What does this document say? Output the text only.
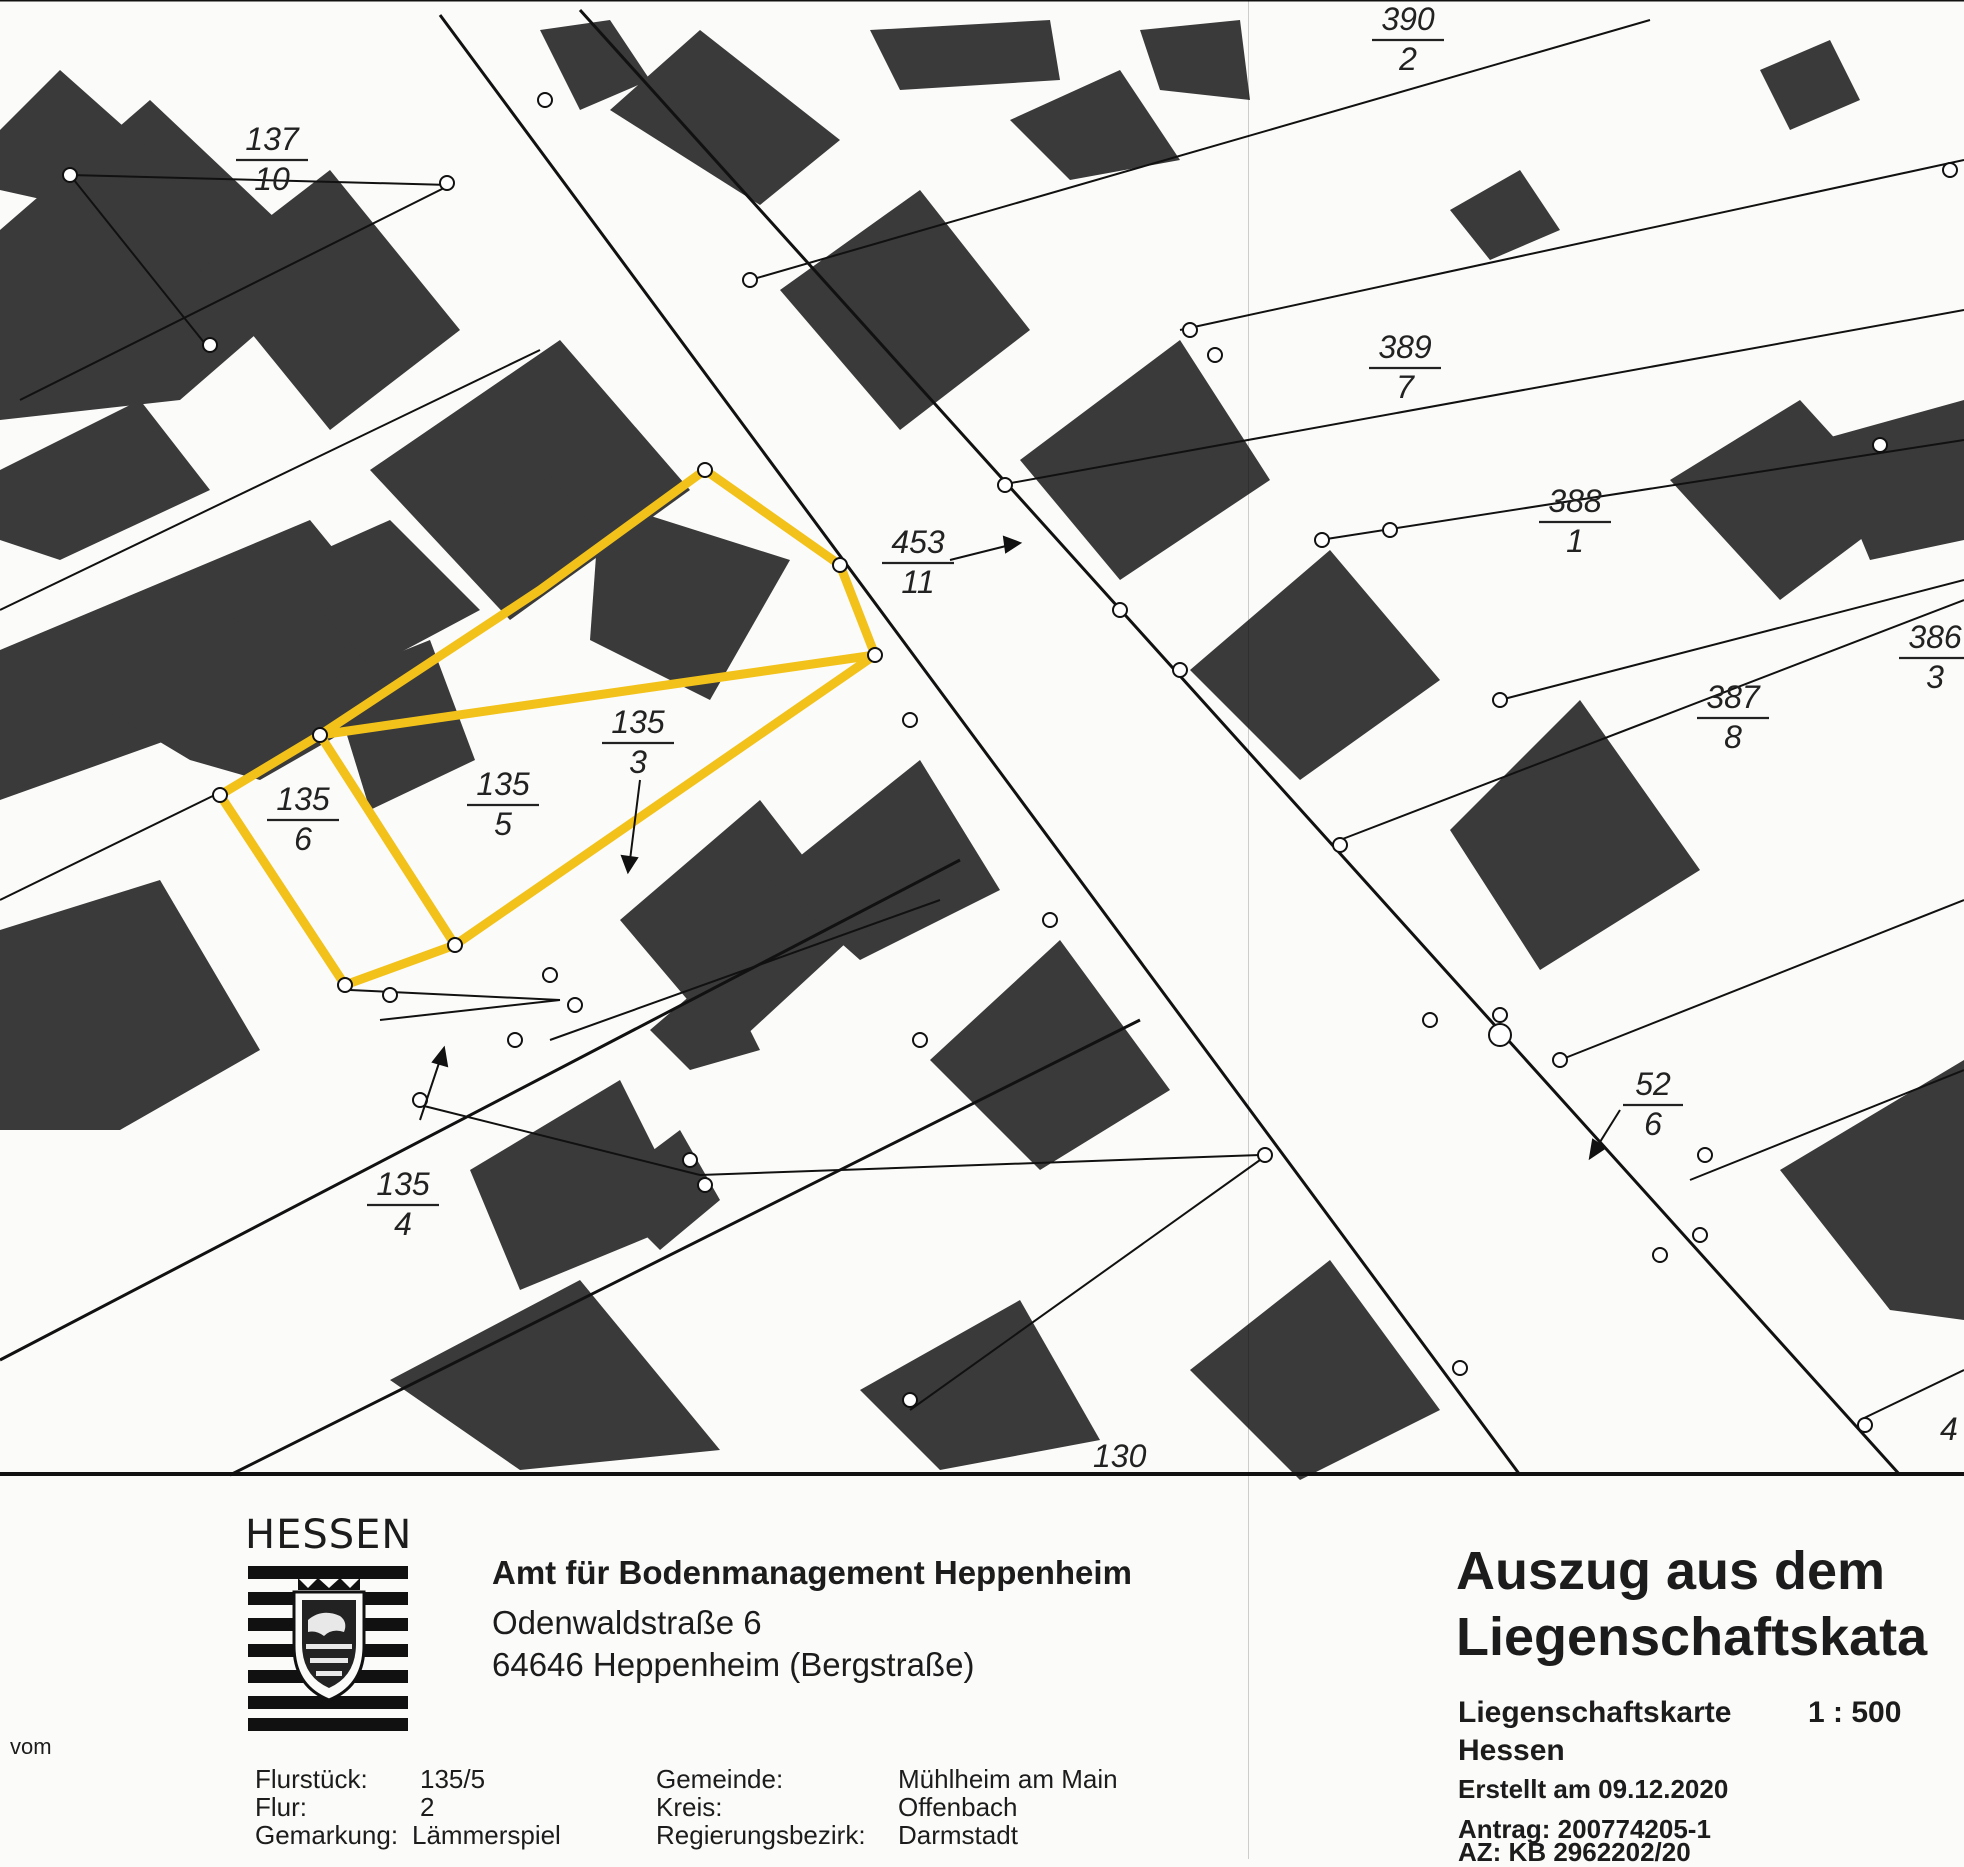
137
10
390
2
389
7
388
1
386
3
387
8
453
11
135
3
135
5
135
6
135
4
52
6
130
4
HESSEN
Amt für Bodenmanagement Heppenheim
Odenwaldstraße 6
64646 Heppenheim (Bergstraße)
vom
Flurstück: 135/5
Flur:	2
Gemarkung: Lämmerspiel
Gemeinde:	Mühlheim am Main
Kreis:	Offenbach
Regierungsbezirk: Darmstadt
Auszug aus dem
Liegenschaftskata
Liegenschaftskarte	1 : 500
Hessen
Erstellt am 09.12.2020
Antrag: 200774205-1
AZ: KB 2962202/20
